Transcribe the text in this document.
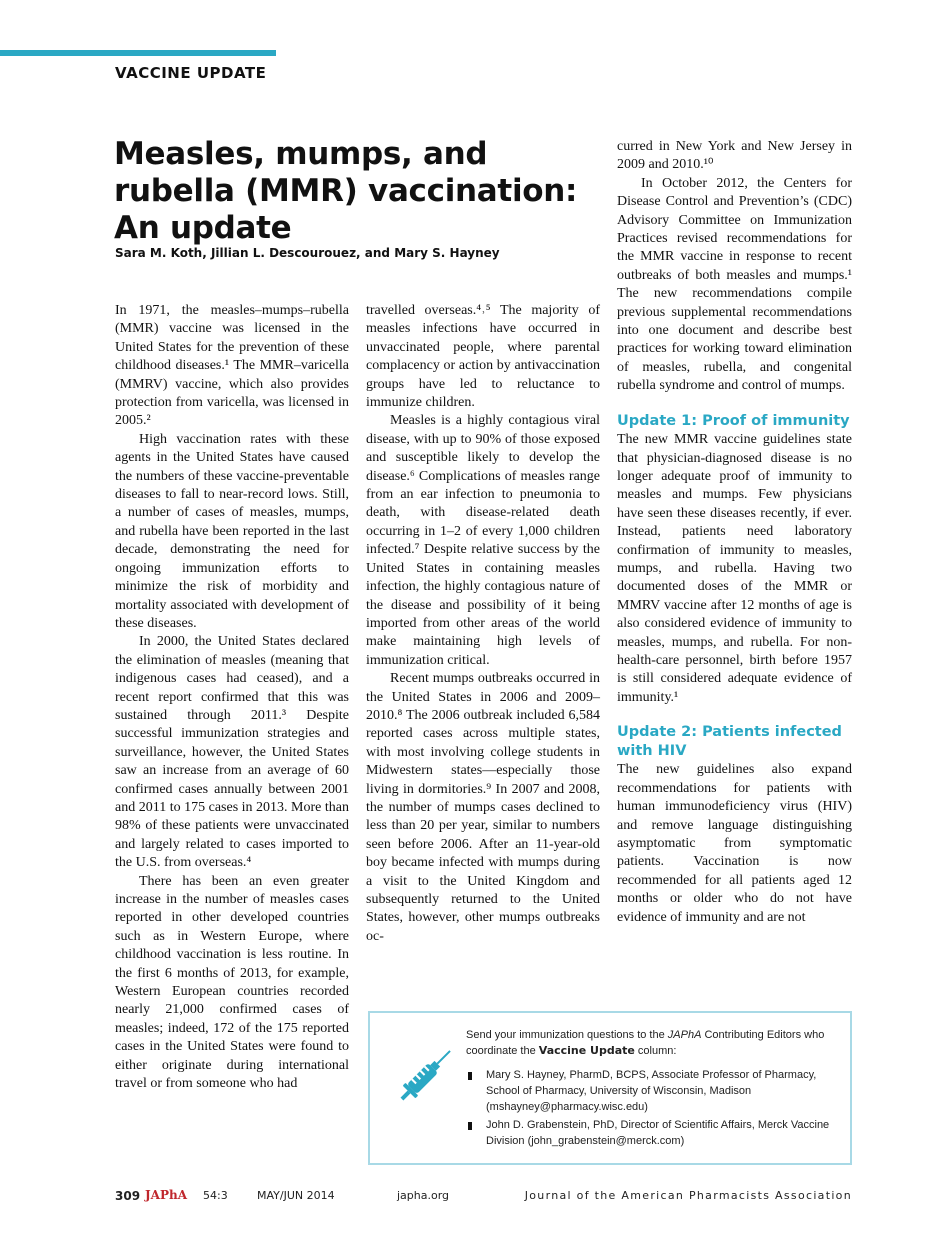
VACCINE UPDATE
Measles, mumps, and rubella (MMR) vaccination: An update
Sara M. Koth, Jillian L. Descourouez, and Mary S. Hayney

In 1971, the measles–mumps–rubella (MMR) vaccine was licensed in the United States for the prevention of these childhood diseases.¹ The MMR–varicella (MMRV) vaccine, which also provides protection from varicella, was licensed in 2005.²

High vaccination rates with these agents in the United States have caused the numbers of these vaccine-preventable diseases to fall to near-record lows. Still, a number of cases of measles, mumps, and rubella have been reported in the last decade, demonstrating the need for ongoing immunization efforts to minimize the risk of morbidity and mortality associated with development of these diseases.

In 2000, the United States declared the elimination of measles (meaning that indigenous cases had ceased), and a recent report confirmed that this was sustained through 2011.³ Despite successful immunization strategies and surveillance, however, the United States saw an increase from an average of 60 confirmed cases annually between 2001 and 2011 to 175 cases in 2013. More than 98% of these patients were unvaccinated and largely related to cases imported to the U.S. from overseas.⁴

There has been an even greater increase in the number of measles cases reported in other developed countries such as in Western Europe, where childhood vaccination is less routine. In the first 6 months of 2013, for example, Western European countries recorded nearly 21,000 confirmed cases of measles; indeed, 172 of the 175 reported cases in the United States were found to either originate during international travel or from someone who had

travelled overseas.⁴˒⁵ The majority of measles infections have occurred in unvaccinated people, where parental complacency or action by antivaccination groups have led to reluctance to immunize children.

Measles is a highly contagious viral disease, with up to 90% of those exposed and susceptible likely to develop the disease.⁶ Complications of measles range from an ear infection to pneumonia to death, with disease-related death occurring in 1–2 of every 1,000 children infected.⁷ Despite relative success by the United States in containing measles infection, the highly contagious nature of the disease and possibility of it being imported from other areas of the world make maintaining high levels of immunization critical.

Recent mumps outbreaks occurred in the United States in 2006 and 2009–2010.⁸ The 2006 outbreak included 6,584 reported cases across multiple states, with most involving college students in Midwestern states—especially those living in dormitories.⁹ In 2007 and 2008, the number of mumps cases declined to less than 20 per year, similar to numbers seen before 2006. After an 11-year-old boy became infected with mumps during a visit to the United Kingdom and subsequently returned to the United States, however, other mumps outbreaks oc-

curred in New York and New Jersey in 2009 and 2010.¹⁰

In October 2012, the Centers for Disease Control and Prevention’s (CDC) Advisory Committee on Immunization Practices revised recommendations for the MMR vaccine in response to recent outbreaks of both measles and mumps.¹ The new recommendations compile previous supplemental recommendations into one document and describe best practices for working toward elimination of measles, rubella, and congenital rubella syndrome and control of mumps.

Update 1: Proof of immunity

The new MMR vaccine guidelines state that physician-diagnosed disease is no longer adequate proof of immunity to measles and mumps. Few physicians have seen these diseases recently, if ever. Instead, patients need laboratory confirmation of immunity to measles, mumps, and rubella. Having two documented doses of the MMR or MMRV vaccine after 12 months of age is also considered evidence of immunity to measles, mumps, and rubella. For non-health-care personnel, birth before 1957 is still considered adequate evidence of immunity.¹

Update 2: Patients infected with HIV

The new guidelines also expand recommendations for patients with human immunodeficiency virus (HIV) and remove language distinguishing asymptomatic from symptomatic patients. Vaccination is now recommended for all patients aged 12 months or older who do not have evidence of immunity and are not

Send your immunization questions to the JAPhA Contributing Editors who coordinate the Vaccine Update column:
Mary S. Hayney, PharmD, BCPS, Associate Professor of Pharmacy, School of Pharmacy, University of Wisconsin, Madison (mshayney@pharmacy.wisc.edu)
John D. Grabenstein, PhD, Director of Scientific Affairs, Merck Vaccine Division (john_grabenstein@merck.com)
309 JAPhA 54:3	MAY/JUN 2014	japha.org	Journal of the American Pharmacists Association
